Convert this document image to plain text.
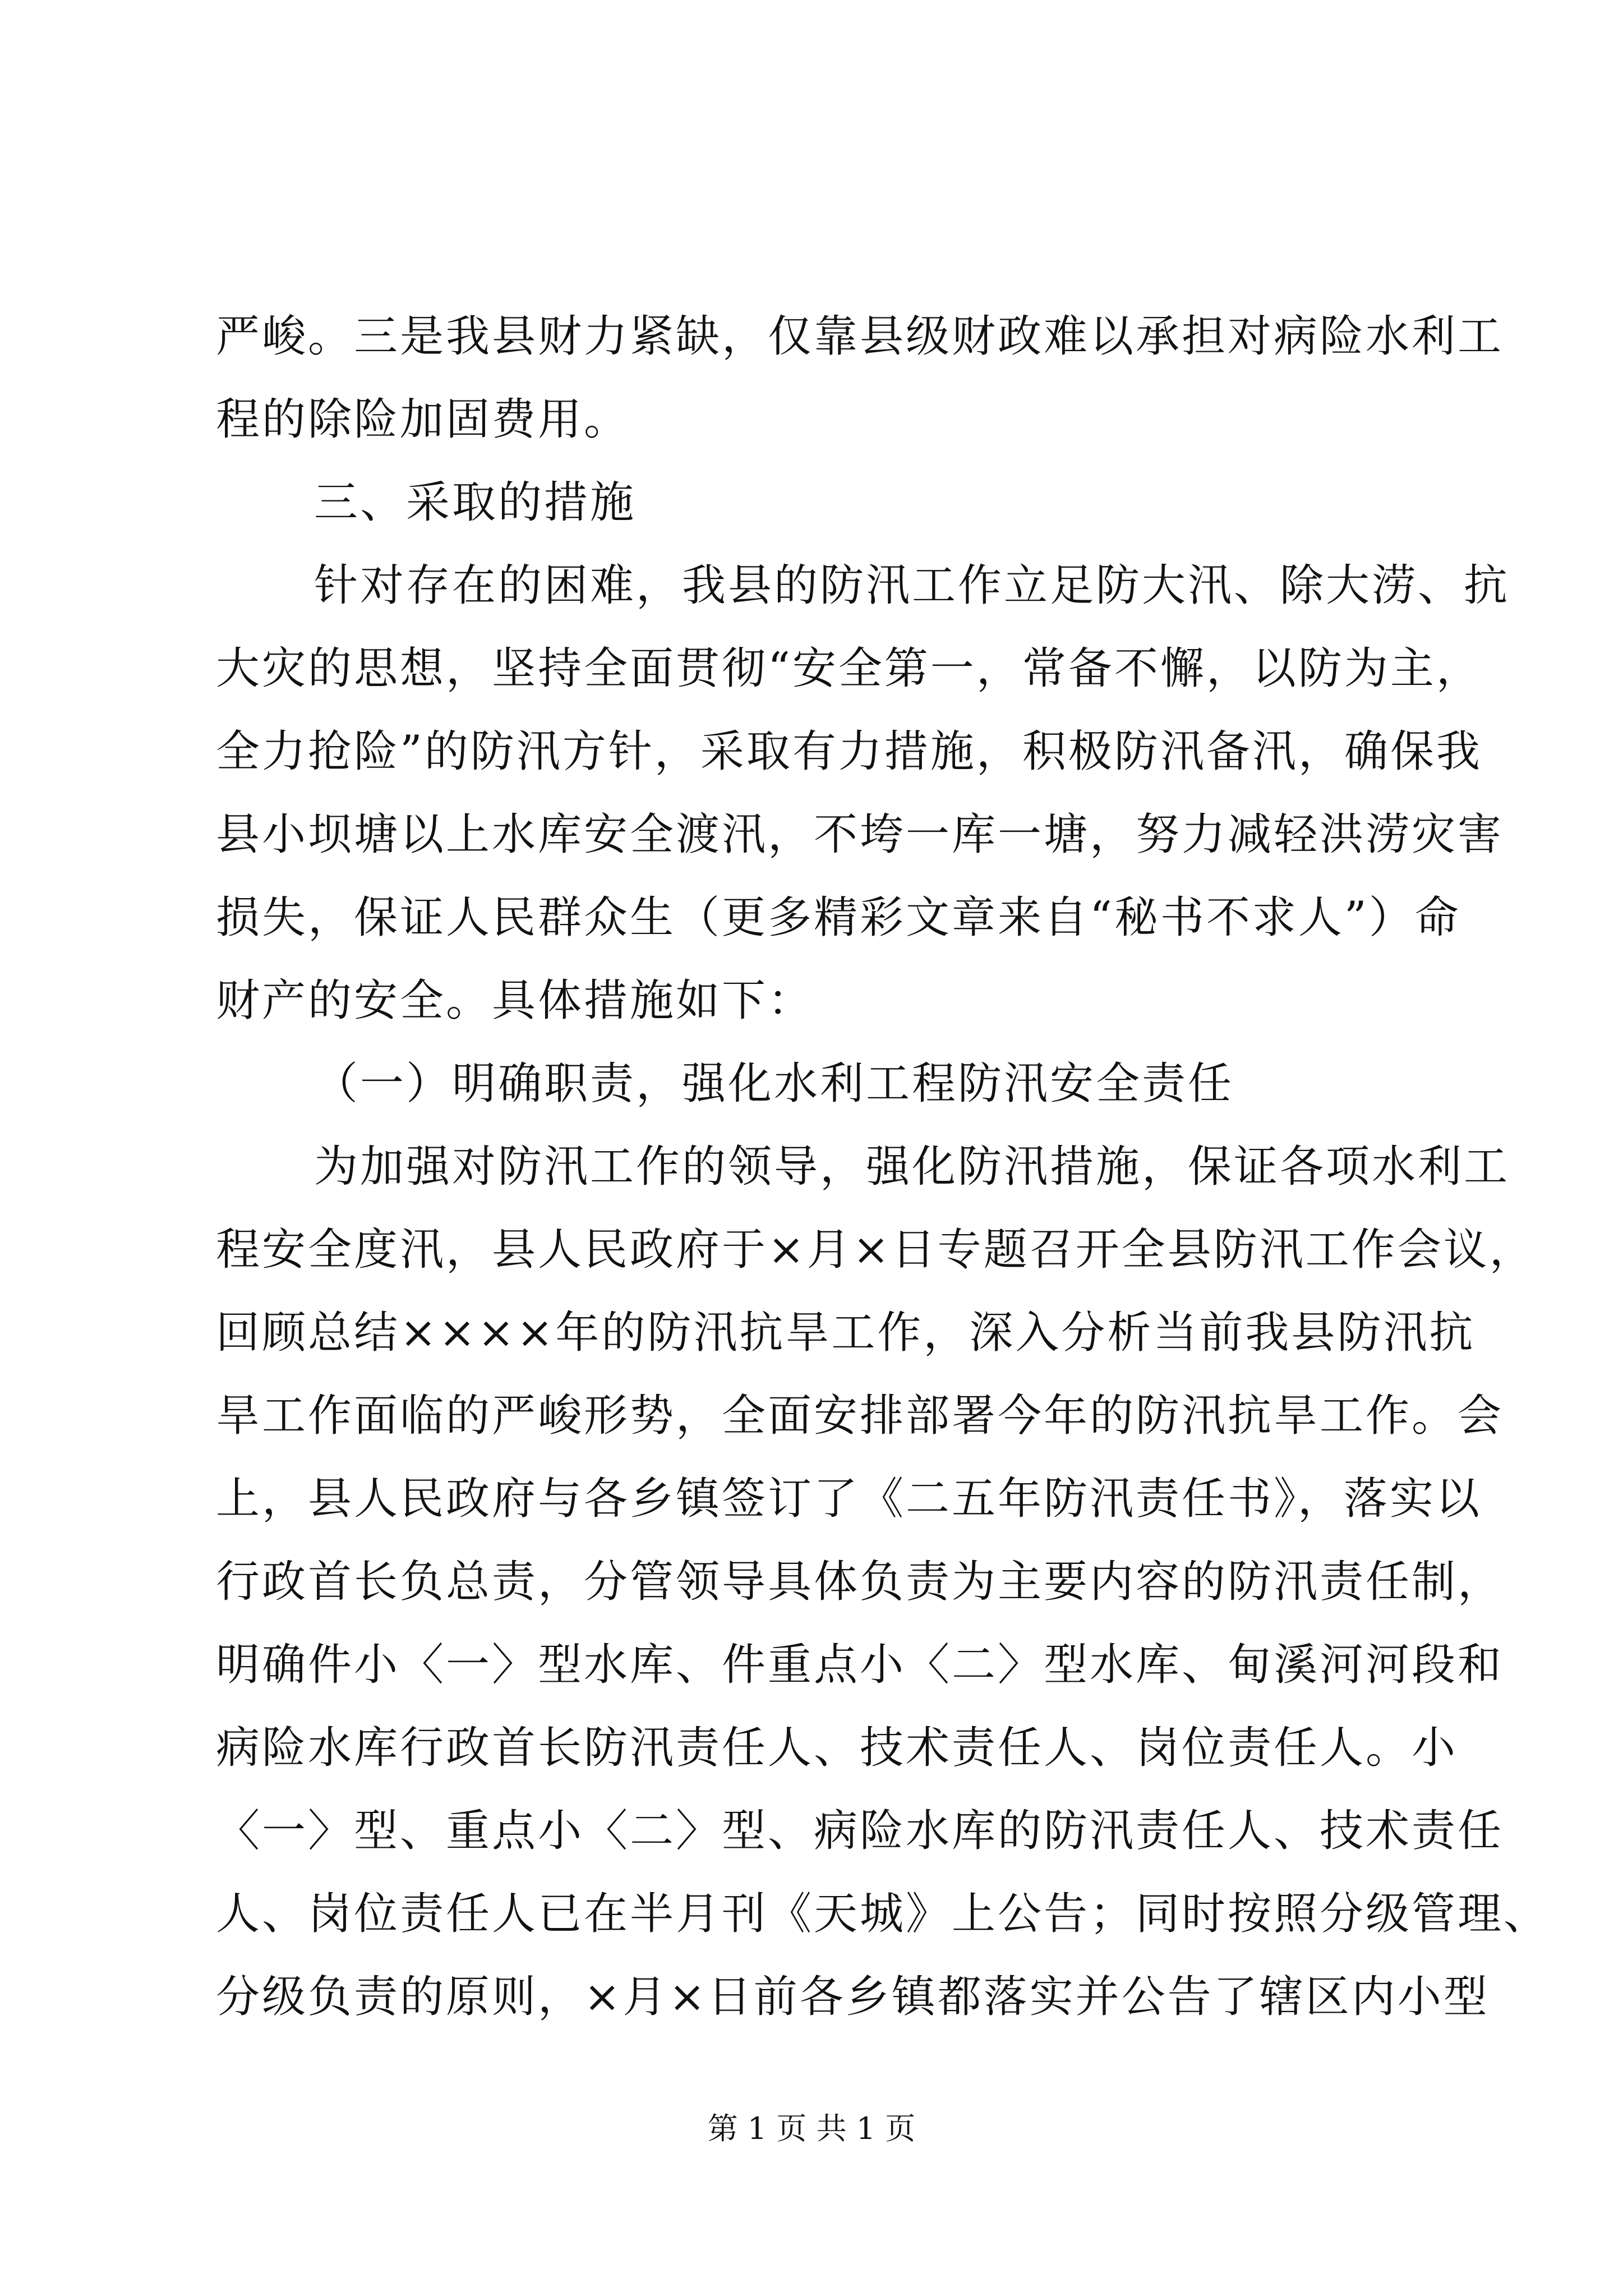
严峻。三是我县财力紧缺，仅靠县级财政难以承担对病险水利工
程的除险加固费用。
三、采取的措施
针对存在的困难，我县的防汛工作立足防大汛、除大涝、抗
大灾的思想，坚持全面贯彻“安全第一，常备不懈，以防为主，
全力抢险”的防汛方针，采取有力措施，积极防汛备汛，确保我
县小坝塘以上水库安全渡汛，不垮一库一塘，努力减轻洪涝灾害
损失，保证人民群众生（更多精彩文章来自“秘书不求人”）命
财产的安全。具体措施如下：
（一）明确职责，强化水利工程防汛安全责任
为加强对防汛工作的领导，强化防汛措施，保证各项水利工
程安全度汛，县人民政府于×月×日专题召开全县防汛工作会议，
回顾总结××××年的防汛抗旱工作，深入分析当前我县防汛抗
旱工作面临的严峻形势，全面安排部署今年的防汛抗旱工作。会
上，县人民政府与各乡镇签订了《二五年防汛责任书》，落实以
行政首长负总责，分管领导具体负责为主要内容的防汛责任制，
明确件小〈一〉型水库、件重点小〈二〉型水库、甸溪河河段和
病险水库行政首长防汛责任人、技术责任人、岗位责任人。小
〈一〉型、重点小〈二〉型、病险水库的防汛责任人、技术责任
人、岗位责任人已在半月刊《天城》上公告；同时按照分级管理、
分级负责的原则，×月×日前各乡镇都落实并公告了辖区内小型
第 1 页 共 1 页
